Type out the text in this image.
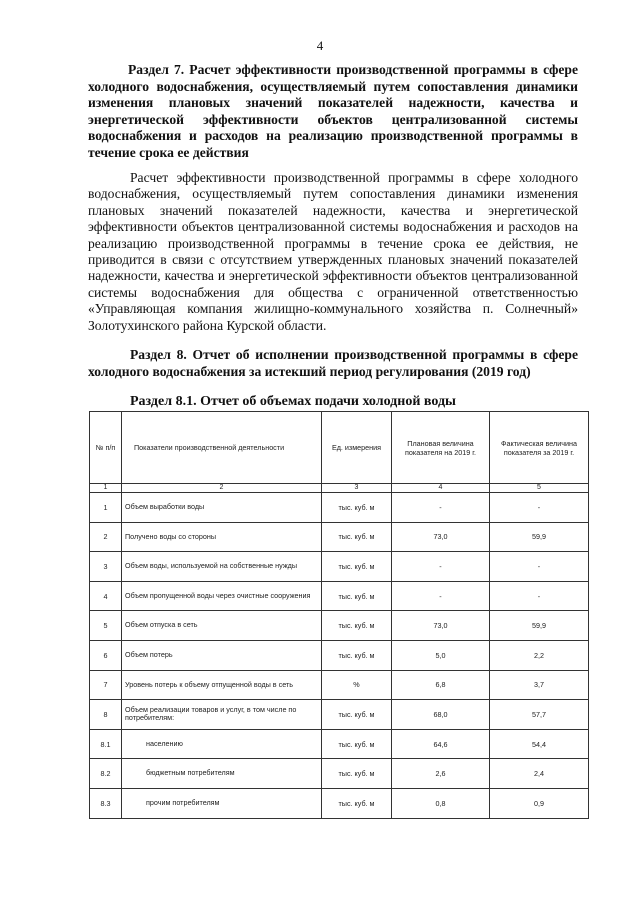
4
Раздел 7. Расчет эффективности производственной программы в сфере холодного водоснабжения, осуществляемый путем сопоставления динамики изменения плановых значений показателей надежности, качества и энергетической эффективности объектов централизованной системы водоснабжения и расходов на реализацию производственной программы в течение срока ее действия
Расчет эффективности производственной программы в сфере холодного водоснабжения, осуществляемый путем сопоставления динамики изменения плановых значений показателей надежности, качества и энергетической эффективности объектов централизованной системы водоснабжения и расходов на реализацию производственной программы в течение срока ее действия, не приводится в связи с отсутствием утвержденных плановых значений показателей надежности, качества и энергетической эффективности объектов централизованной системы водоснабжения для общества с ограниченной ответственностью «Управляющая компания жилищно-коммунального хозяйства п. Солнечный» Золотухинского района Курской области.
Раздел 8. Отчет об исполнении производственной программы в сфере холодного водоснабжения за истекший период регулирования (2019 год)
Раздел 8.1. Отчет об объемах подачи холодной воды
№ п/п	Показатели производственной деятельности	Ед. измерения	Плановая величина показателя на 2019 г.	Фактическая величина показателя за 2019 г.
1	2	3	4	5
1	Объем выработки воды	тыс. куб. м	-	-
2	Получено воды со стороны	тыс. куб. м	73,0	59,9
3	Объем воды, используемой на собственные нужды	тыс. куб. м	-	-
4	Объем пропущенной воды через очистные сооружения	тыс. куб. м	-	-
5	Объем отпуска в сеть	тыс. куб. м	73,0	59,9
6	Объем потерь	тыс. куб. м	5,0	2,2
7	Уровень потерь к объему отпущенной воды в сеть	%	6,8	3,7
8	Объем реализации товаров и услуг, в том числе по потребителям:	тыс. куб. м	68,0	57,7
8.1	населению	тыс. куб. м	64,6	54,4
8.2	бюджетным потребителям	тыс. куб. м	2,6	2,4
8.3	прочим потребителям	тыс. куб. м	0,8	0,9
